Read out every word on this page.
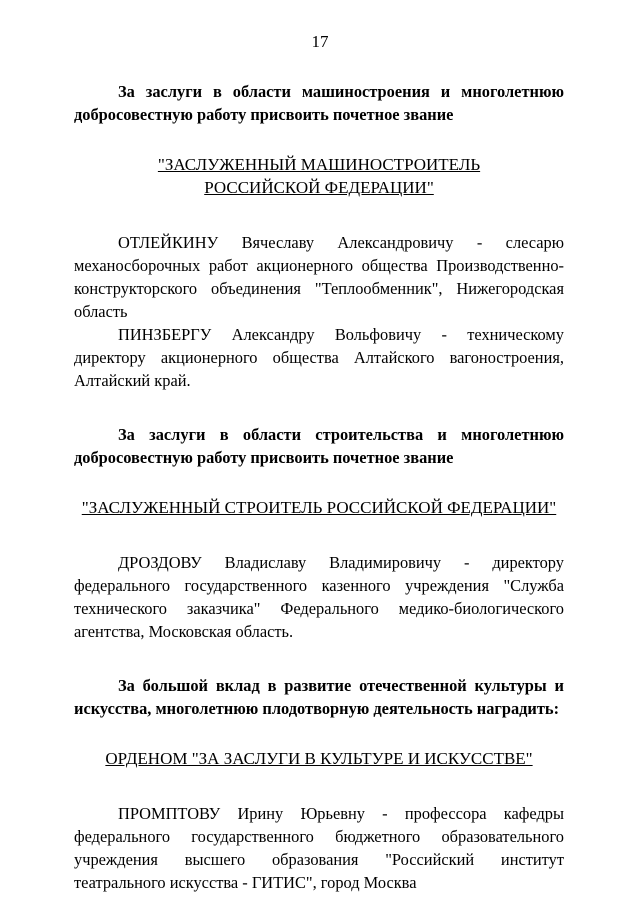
17

За заслуги в области машиностроения и многолетнюю добросовестную работу присвоить почетное звание

"ЗАСЛУЖЕННЫЙ МАШИНОСТРОИТЕЛЬ
РОССИЙСКОЙ ФЕДЕРАЦИИ"

ОТЛЕЙКИНУ Вячеславу Александровичу - слесарю механосборочных работ акционерного общества Производственно-конструкторского объединения "Теплообменник", Нижегородская область

ПИНЗБЕРГУ Александру Вольфовичу - техническому директору акционерного общества Алтайского вагоностроения, Алтайский край.

За заслуги в области строительства и многолетнюю добросовестную работу присвоить почетное звание

"ЗАСЛУЖЕННЫЙ СТРОИТЕЛЬ РОССИЙСКОЙ ФЕДЕРАЦИИ"

ДРОЗДОВУ Владиславу Владимировичу - директору федерального государственного казенного учреждения "Служба технического заказчика" Федерального медико-биологического агентства, Московская область.

За большой вклад в развитие отечественной культуры и искусства, многолетнюю плодотворную деятельность наградить:

ОРДЕНОМ "ЗА ЗАСЛУГИ В КУЛЬТУРЕ И ИСКУССТВЕ"

ПРОМПТОВУ Ирину Юрьевну - профессора кафедры федерального государственного бюджетного образовательного учреждения высшего образования "Российский институт театрального искусства - ГИТИС", город Москва
